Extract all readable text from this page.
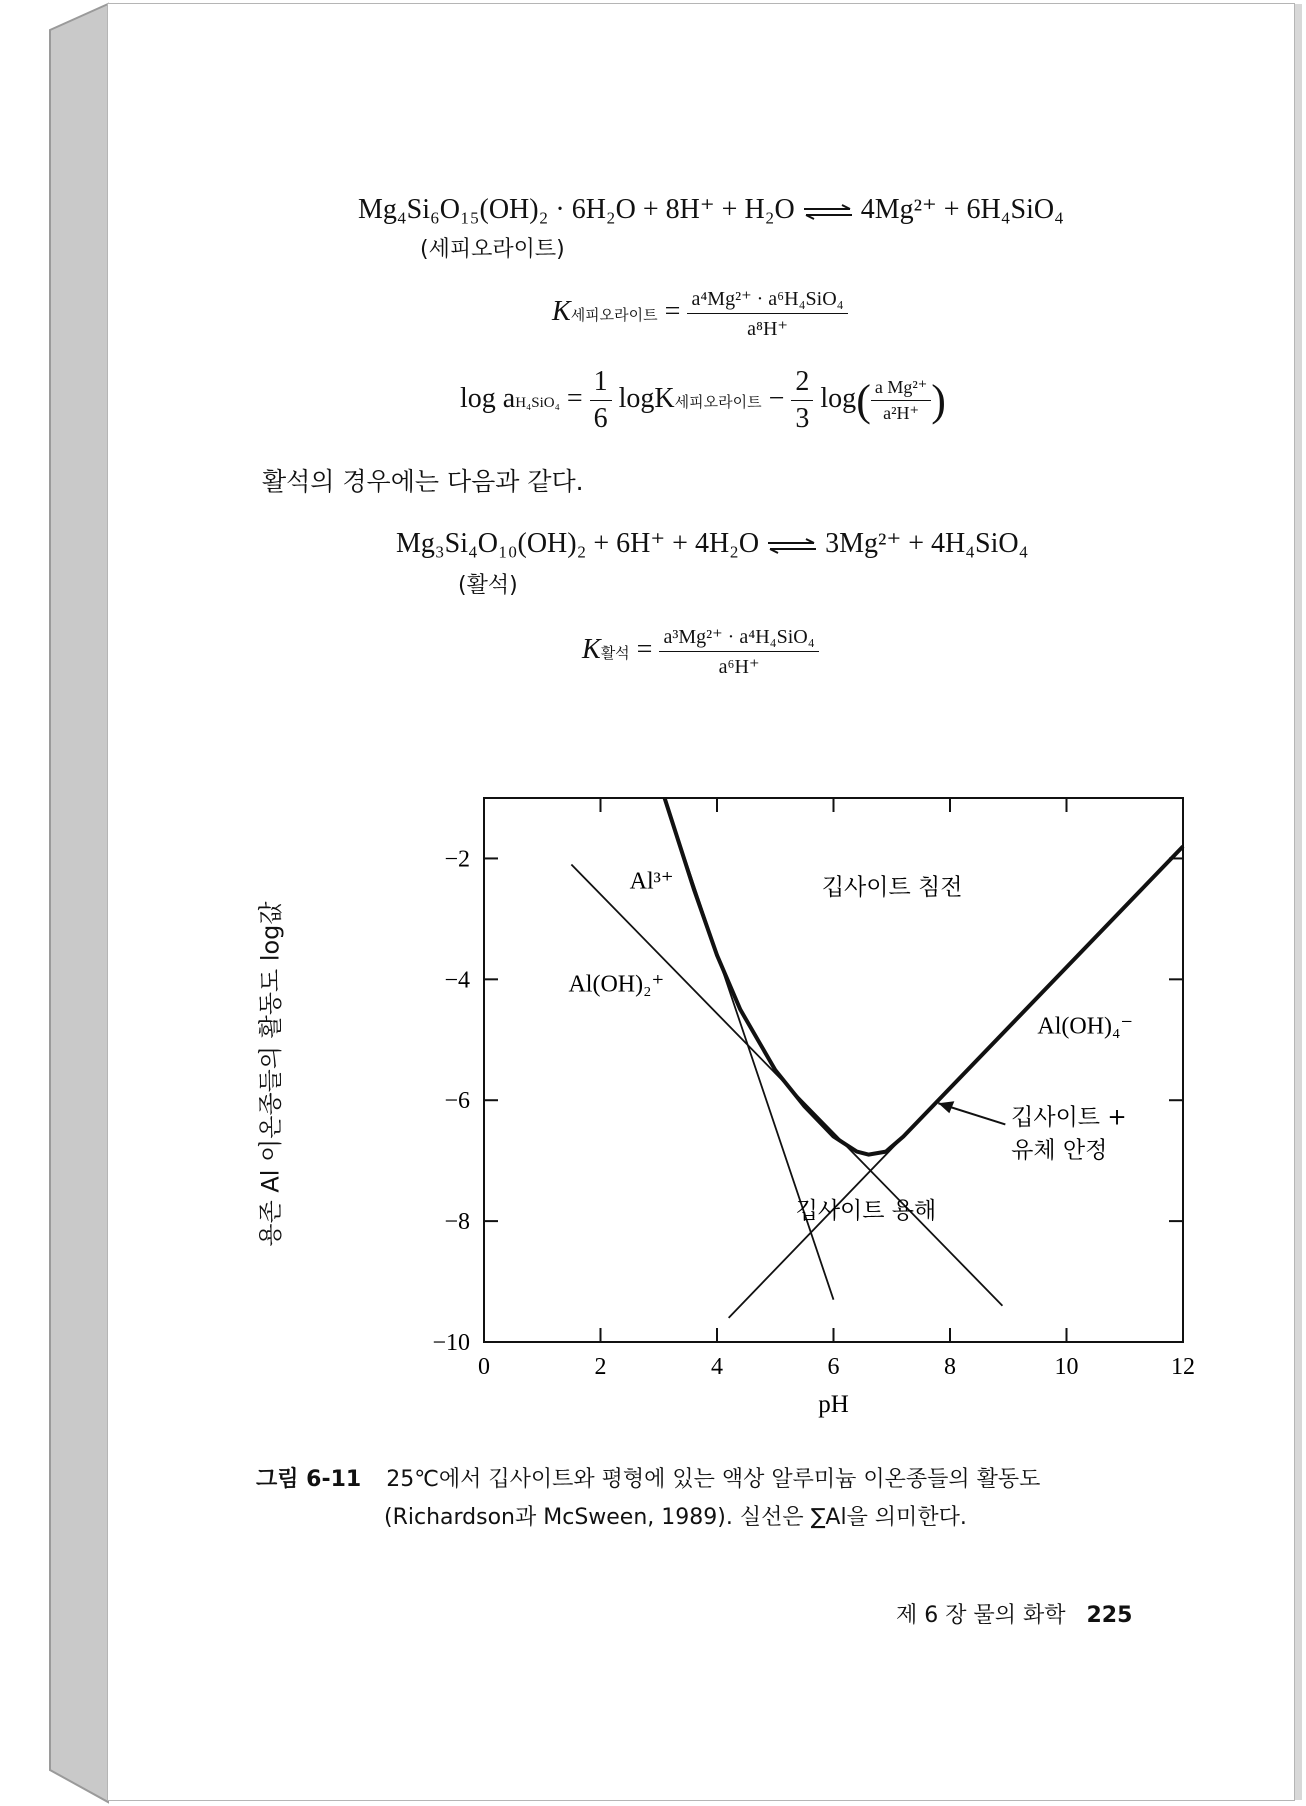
Mg₄Si₆O₁₅(OH)₂ · 6H₂O + 8H⁺ + H₂O ⇌ 4Mg²⁺ + 6H₄SiO₄
(세피오라이트)
K세피오라이트 = $\frac{\text{a⁴Mg²⁺ · a⁶H₄SiO₄}}{\text{a⁸H⁺}}$
$\log aH_4SiO_4 = \frac{1}{6}$ logK세피오라이트 − $\frac{2}{3} \log( \frac{\text{a Mg²⁺}}{\text{a²H⁺}}$ )
활석의 경우에는 다음과 같다.
Mg₃Si₄O₁₀(OH)₂ + 6H⁺ + 4H₂O ⇌ 3Mg²⁺ + 4H₄SiO₄
(활석)
K활석 = $\frac{\text{a³Mg²⁺ · a⁴H₄SiO₄}}{\text{a⁶H⁺}}$
0	2	4	6	8	10	12
−2
−4
−6
−8
−10
pH
Al³⁺
Al(OH)₂⁺
Al(OH)₄⁻
깁사이트 침전
깁사이트 +
유체 안정
깁사이트 용해
용존 Al 이온종들의 활동도 log값
그림 6-11 25℃에서 깁사이트와 평형에 있는 액상 알루미늄 이온종들의 활동도
(Richardson과 McSween, 1989). 실선은 ∑Al을 의미한다.
제 6 장 물의 화학 225
